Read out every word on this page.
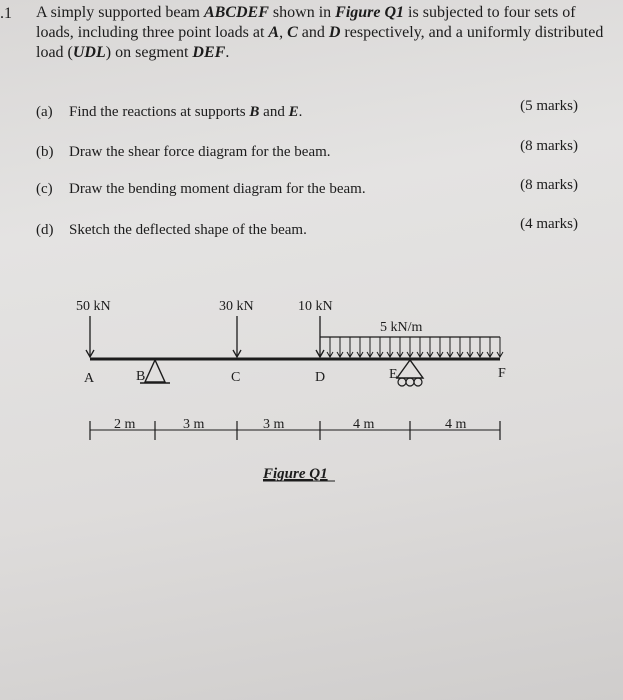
.1 A simply supported beam ABCDEF shown in Figure Q1 is subjected to four sets of loads, including three point loads at A, C and D respectively, and a uniformly distributed load (UDL) on segment DEF.

(a) Find the reactions at supports B and E.	(5 marks)
(b) Draw the shear force diagram for the beam.	(8 marks)
(c) Draw the bending moment diagram for the beam.	(8 marks)
(d) Sketch the deflected shape of the beam.	(4 marks)
50 kN	30 kN	10 kN
5 kN/m
A	B	C	D	E	F
2 m	3 m	3 m	4 m	4 m
Figure Q1
